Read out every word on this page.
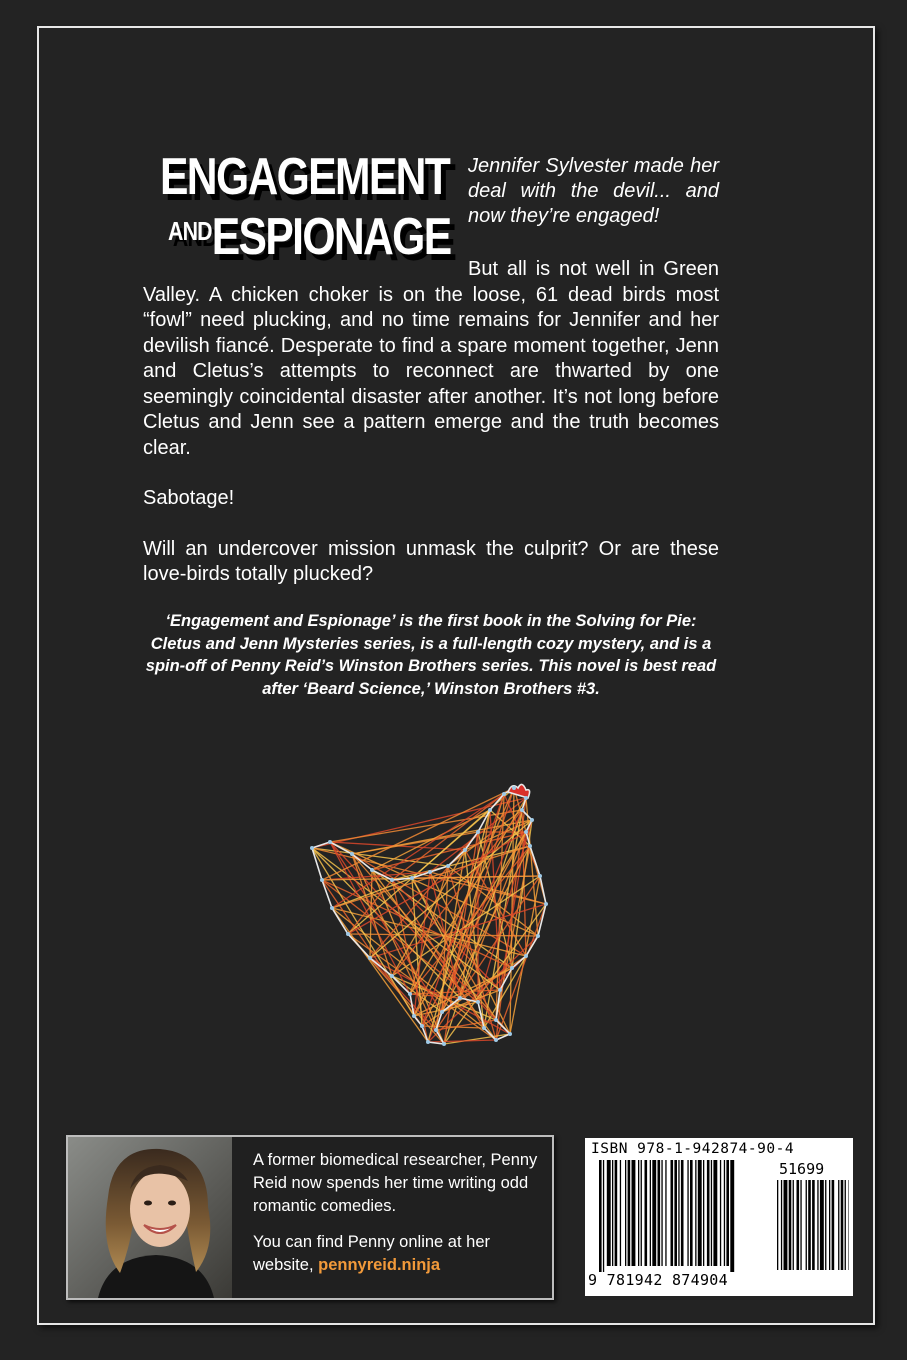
ENGAGEMENT
$^{AND}$ESPIONAGE
Jennifer Sylvester made her deal with the devil... and now they’re engaged!

But all is not well in Green Valley. A chicken choker is on the loose, 61 dead birds most “fowl” need plucking, and no time remains for Jennifer and her devilish fiancé. Desperate to find a spare moment together, Jenn and Cletus’s attempts to reconnect are thwarted by one seemingly coincidental disaster after another. It’s not long before Cletus and Jenn see a pattern emerge and the truth becomes clear.

Sabotage!

Will an undercover mission unmask the culprit? Or are these love-birds totally plucked?

‘Engagement and Espionage’ is the first book in the Solving for Pie: Cletus and Jenn Mysteries series, is a full-length cozy mystery, and is a spin-off of Penny Reid’s Winston Brothers series. This novel is best read after ‘Beard Science,’ Winston Brothers #3.

A former biomedical researcher, Penny Reid now spends her time writing odd romantic comedies.

You can find Penny online at her website, pennyreid.ninja

ISBN 978-1-942874-90-4
51699
9 781942 874904
